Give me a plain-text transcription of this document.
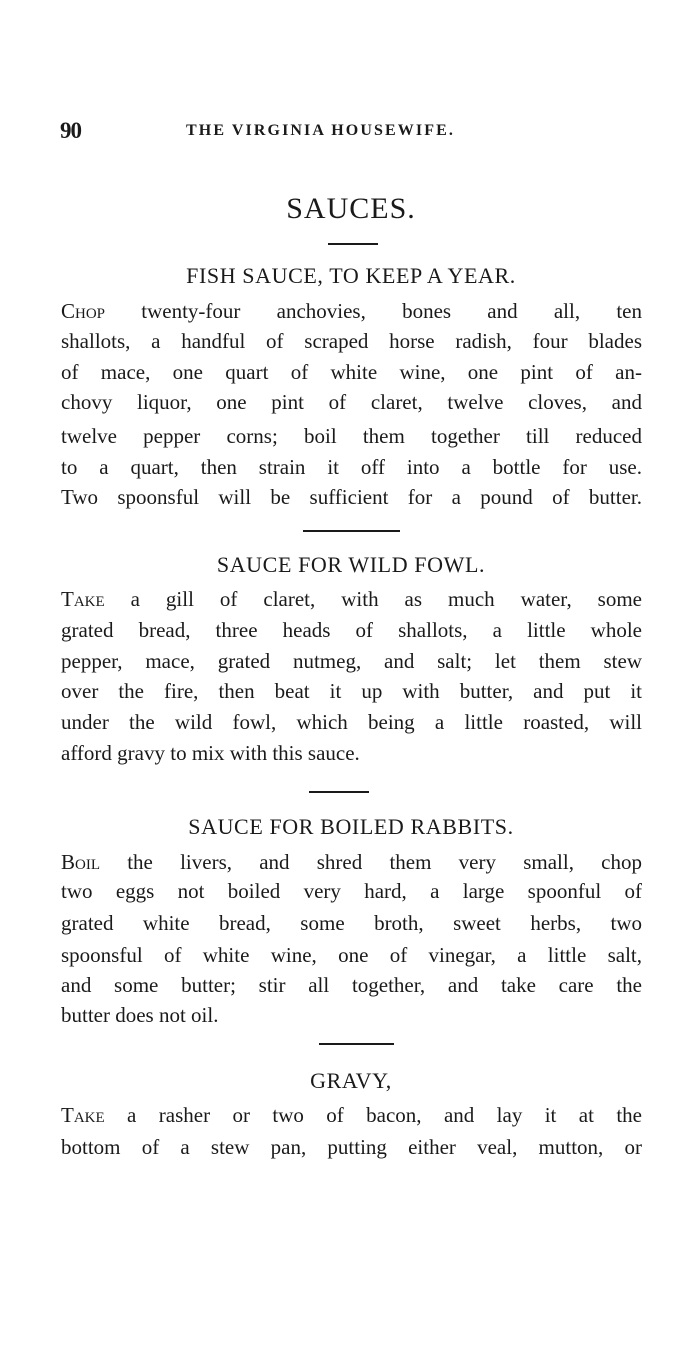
90	THE VIRGINIA HOUSEWIFE.
SAUCES.
FISH SAUCE, TO KEEP A YEAR.
Chop twenty-four anchovies, bones and all, ten
shallots, a handful of scraped horse radish, four blades
of mace, one quart of white wine, one pint of an-
chovy liquor, one pint of claret, twelve cloves, and
twelve pepper corns; boil them together till reduced
to a quart, then strain it off into a bottle for use.
Two spoonsful will be sufficient for a pound of butter.
SAUCE FOR WILD FOWL.
Take a gill of claret, with as much water, some
grated bread, three heads of shallots, a little whole
pepper, mace, grated nutmeg, and salt; let them stew
over the fire, then beat it up with butter, and put it
under the wild fowl, which being a little roasted, will
afford gravy to mix with this sauce.
SAUCE FOR BOILED RABBITS.
Boil the livers, and shred them very small, chop
two eggs not boiled very hard, a large spoonful of
grated white bread, some broth, sweet herbs, two
spoonsful of white wine, one of vinegar, a little salt,
and some butter; stir all together, and take care the
butter does not oil.
GRAVY,
Take a rasher or two of bacon, and lay it at the
bottom of a stew pan, putting either veal, mutton, or
